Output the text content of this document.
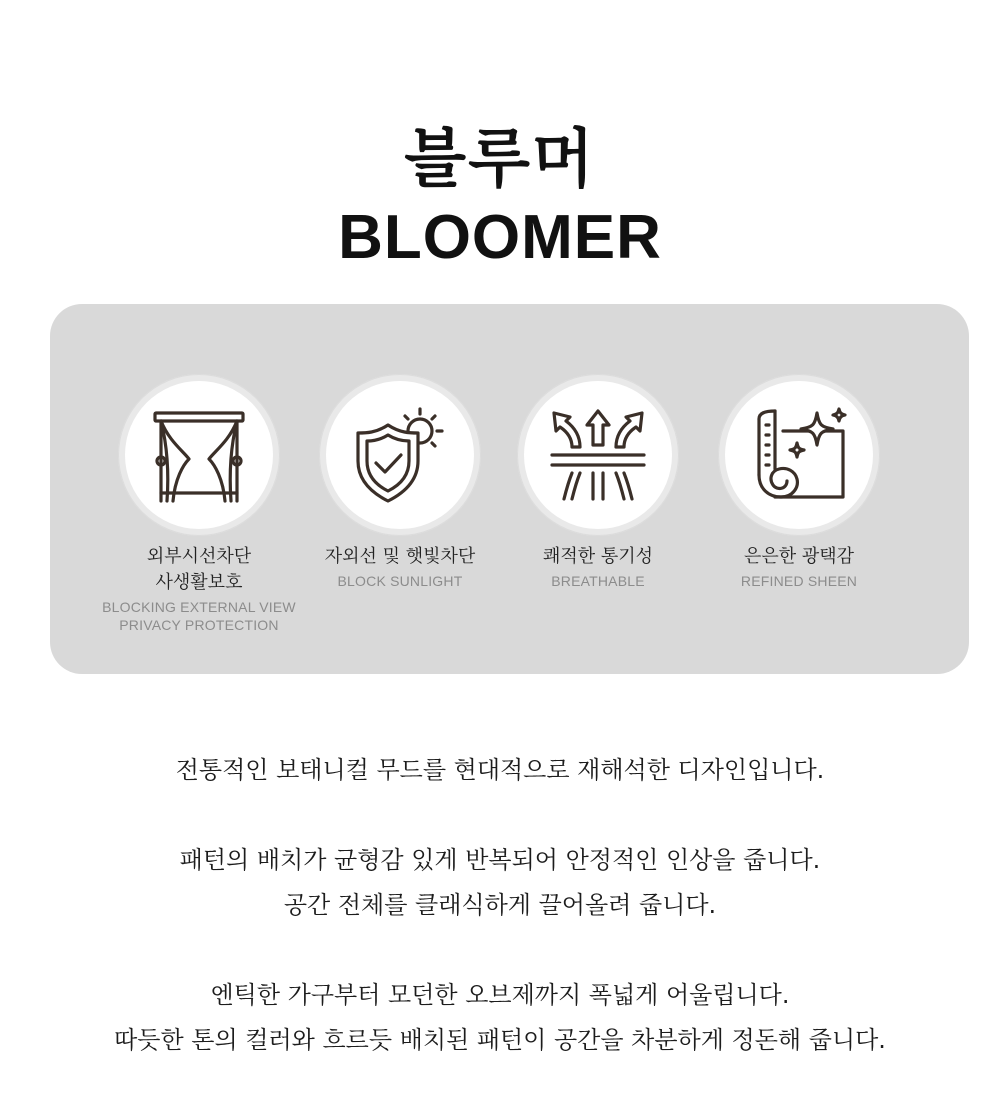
블루머
BLOOMER
외부시선차단
사생활보호
BLOCKING EXTERNAL VIEW
PRIVACY PROTECTION
자외선 및 햇빛차단
BLOCK SUNLIGHT
쾌적한 통기성
BREATHABLE
은은한 광택감
REFINED SHEEN

전통적인 보태니컬 무드를 현대적으로 재해석한 디자인입니다.

패턴의 배치가 균형감 있게 반복되어 안정적인 인상을 줍니다.

공간 전체를 클래식하게 끌어올려 줍니다.

엔틱한 가구부터 모던한 오브제까지 폭넓게 어울립니다.

따듯한 톤의 컬러와 흐르듯 배치된 패턴이 공간을 차분하게 정돈해 줍니다.
